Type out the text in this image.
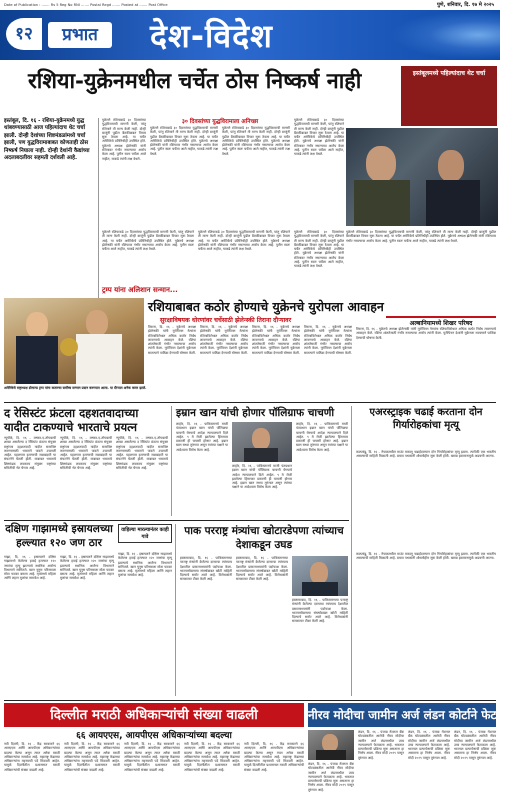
Date of Publication : ....... Rs 5 Reg No RNI ....... Postal Regd ....... Posted at ....... Post Office	पुणे, शनिवार, दि. १७ मे २०२५
१२	प्रभात	देश-विदेश
रशिया-युक्रेनमधील चर्चेत ठोस निष्कर्ष नाही	इस्तंबूलमध्ये पहिल्यांदाच थेट चर्चा
इस्तंबूल, दि. १६ - रशिया-युक्रेनमध्ये युद्ध थांबवण्यासाठी आज पहिल्यांदाच थेट चर्चा झाली. दोन्ही देशांच्या शिष्टमंडळांमध्ये चर्चा झाली, पण युद्धविरामाबाबत कोणताही ठोस निष्कर्ष निघाला नाही. दोन्ही देशांनी कैद्यांच्या अदलाबदलीवर सहमती दर्शवली आहे.
युक्रेनने रशियाकडे ३० दिवसांच्या युद्धविरामाची मागणी केली, परंतु रशियाने ती मान्य केली नाही. दोन्ही बाजूंनी पुढील बैठकीबाबत विचार सुरू ठेवला आहे. या चर्चेत अमेरिकेचे प्रतिनिधीही उपस्थित होते. युक्रेनचे अध्यक्ष झेलेन्स्की यांनी रशियावर गंभीर नसल्याचा आरोप केला आहे. पुतीन स्वतः चर्चेला आले नाहीत, याकडे त्यांनी लक्ष वेधले.
३० दिवसांच्या युद्धविरामाला अनिच्छा
युक्रेनने रशियाकडे ३० दिवसांच्या युद्धविरामाची मागणी केली, परंतु रशियाने ती मान्य केली नाही. दोन्ही बाजूंनी पुढील बैठकीबाबत विचार सुरू ठेवला आहे. या चर्चेत अमेरिकेचे प्रतिनिधीही उपस्थित होते. युक्रेनचे अध्यक्ष झेलेन्स्की यांनी रशियावर गंभीर नसल्याचा आरोप केला आहे. पुतीन स्वतः चर्चेला आले नाहीत, याकडे त्यांनी लक्ष वेधले.
युक्रेनने रशियाकडे ३० दिवसांच्या युद्धविरामाची मागणी केली, परंतु रशियाने ती मान्य केली नाही. दोन्ही बाजूंनी पुढील बैठकीबाबत विचार सुरू ठेवला आहे. या चर्चेत अमेरिकेचे प्रतिनिधीही उपस्थित होते. युक्रेनचे अध्यक्ष झेलेन्स्की यांनी रशियावर गंभीर नसल्याचा आरोप केला आहे. पुतीन स्वतः चर्चेला आले नाहीत, याकडे त्यांनी लक्ष वेधले.
युक्रेनने रशियाकडे ३० दिवसांच्या युद्धविरामाची मागणी केली, परंतु रशियाने ती मान्य केली नाही. दोन्ही बाजूंनी पुढील बैठकीबाबत विचार सुरू ठेवला आहे. या चर्चेत अमेरिकेचे प्रतिनिधीही उपस्थित होते. युक्रेनचे अध्यक्ष झेलेन्स्की यांनी रशियावर गंभीर नसल्याचा आरोप केला आहे. पुतीन स्वतः चर्चेला आले नाहीत, याकडे त्यांनी लक्ष वेधले.
युक्रेनने रशियाकडे ३० दिवसांच्या युद्धविरामाची मागणी केली, परंतु रशियाने ती मान्य केली नाही. दोन्ही बाजूंनी पुढील बैठकीबाबत विचार सुरू ठेवला आहे. या चर्चेत अमेरिकेचे प्रतिनिधीही उपस्थित होते. युक्रेनचे अध्यक्ष झेलेन्स्की यांनी रशियावर गंभीर नसल्याचा आरोप केला आहे. पुतीन स्वतः चर्चेला आले नाहीत, याकडे त्यांनी लक्ष वेधले.
युक्रेनने रशियाकडे ३० दिवसांच्या युद्धविरामाची मागणी केली, परंतु रशियाने ती मान्य केली नाही. दोन्ही बाजूंनी पुढील बैठकीबाबत विचार सुरू ठेवला आहे. या चर्चेत अमेरिकेचे प्रतिनिधीही उपस्थित होते. युक्रेनचे अध्यक्ष झेलेन्स्की यांनी रशियावर गंभीर नसल्याचा आरोप केला आहे. पुतीन स्वतः चर्चेला आले नाहीत, याकडे त्यांनी लक्ष वेधले.
युक्रेनने रशियाकडे ३० दिवसांच्या युद्धविरामाची मागणी केली, परंतु रशियाने ती मान्य केली नाही. दोन्ही बाजूंनी पुढील बैठकीबाबत विचार सुरू ठेवला आहे. या चर्चेत अमेरिकेचे प्रतिनिधीही उपस्थित होते. युक्रेनचे अध्यक्ष झेलेन्स्की यांनी रशियावर गंभीर नसल्याचा आरोप केला आहे. पुतीन स्वतः चर्चेला आले नाहीत, याकडे त्यांनी लक्ष वेधले.
युक्रेनने रशियाकडे ३० दिवसांच्या युद्धविरामाची मागणी केली, परंतु रशियाने ती मान्य केली नाही. दोन्ही बाजूंनी पुढील बैठकीबाबत विचार सुरू ठेवला आहे. या चर्चेत अमेरिकेचे प्रतिनिधीही उपस्थित होते. युक्रेनचे अध्यक्ष झेलेन्स्की यांनी रशियावर गंभीर नसल्याचा आरोप केला आहे. पुतीन स्वतः चर्चेला आले नाहीत, याकडे त्यांनी लक्ष वेधले.
ट्रम्प यांना अलिशान सन्मान...
अमेरिकेचे राष्ट्राध्यक्ष डोनाल्ड ट्रम्प यांना कतारचा सर्वोच्च सन्मान प्रदान करण्यात आला. या दौऱ्यात अनेक करार झाले.
रशियाबाबत कठोर होण्याचे युक्रेनचे युरोपला आवाहन
सुरक्षाविषयक धोरणांवर चर्चेसाठी झेलेन्स्की तिराना दौऱ्यावर	अल्बानियामध्ये शिखर परिषद
तिराना, दि. १६ - युक्रेनचे अध्यक्ष झेलेन्स्की यांनी युरोपियन नेत्यांना रशियाविरोधात अधिक कठोर निर्बंध लावण्याचे आवाहन केले. रशिया शांततेसाठी गंभीर नसल्याचा आरोप त्यांनी केला. युरोपियन देशांनी युक्रेनला सातत्याने पाठिंबा देण्याची घोषणा केली.
तिराना, दि. १६ - युक्रेनचे अध्यक्ष झेलेन्स्की यांनी युरोपियन नेत्यांना रशियाविरोधात अधिक कठोर निर्बंध लावण्याचे आवाहन केले. रशिया शांततेसाठी गंभीर नसल्याचा आरोप त्यांनी केला. युरोपियन देशांनी युक्रेनला सातत्याने पाठिंबा देण्याची घोषणा केली.
तिराना, दि. १६ - युक्रेनचे अध्यक्ष झेलेन्स्की यांनी युरोपियन नेत्यांना रशियाविरोधात अधिक कठोर निर्बंध लावण्याचे आवाहन केले. रशिया शांततेसाठी गंभीर नसल्याचा आरोप त्यांनी केला. युरोपियन देशांनी युक्रेनला सातत्याने पाठिंबा देण्याची घोषणा केली.
तिराना, दि. १६ - युक्रेनचे अध्यक्ष झेलेन्स्की यांनी युरोपियन नेत्यांना रशियाविरोधात अधिक कठोर निर्बंध लावण्याचे आवाहन केले. रशिया शांततेसाठी गंभीर नसल्याचा आरोप त्यांनी केला. युरोपियन देशांनी युक्रेनला सातत्याने पाठिंबा देण्याची घोषणा केली.
तिराना, दि. १६ - युक्रेनचे अध्यक्ष झेलेन्स्की यांनी युरोपियन नेत्यांना रशियाविरोधात अधिक कठोर निर्बंध लावण्याचे आवाहन केले. रशिया शांततेसाठी गंभीर नसल्याचा आरोप त्यांनी केला. युरोपियन देशांनी युक्रेनला सातत्याने पाठिंबा देण्याची घोषणा केली.
द रेसिस्टंट फ्रंटला दहशतवादाच्या यादीत टाकण्याचे भारताचे प्रयत्न
न्यूयॉर्क, दि. १६ - लष्कर-ए-तोयबाची शाखा असलेल्या द रेसिस्टंट फ्रंटला संयुक्त राष्ट्रांच्या दहशतवादी यादीत समाविष्ट करण्यासाठी भारताने पावले उचलली आहेत. पहलगाम हल्ल्याची जबाबदारी या संघटनेने घेतली होती. याबाबत भारताचे शिष्टमंडळ लवकरच संयुक्त राष्ट्रांच्या समितीची भेट घेणार आहे.
न्यूयॉर्क, दि. १६ - लष्कर-ए-तोयबाची शाखा असलेल्या द रेसिस्टंट फ्रंटला संयुक्त राष्ट्रांच्या दहशतवादी यादीत समाविष्ट करण्यासाठी भारताने पावले उचलली आहेत. पहलगाम हल्ल्याची जबाबदारी या संघटनेने घेतली होती. याबाबत भारताचे शिष्टमंडळ लवकरच संयुक्त राष्ट्रांच्या समितीची भेट घेणार आहे.
न्यूयॉर्क, दि. १६ - लष्कर-ए-तोयबाची शाखा असलेल्या द रेसिस्टंट फ्रंटला संयुक्त राष्ट्रांच्या दहशतवादी यादीत समाविष्ट करण्यासाठी भारताने पावले उचलली आहेत. पहलगाम हल्ल्याची जबाबदारी या संघटनेने घेतली होती. याबाबत भारताचे शिष्टमंडळ लवकरच संयुक्त राष्ट्रांच्या समितीची भेट घेणार आहे.
इम्रान खान यांची होणार पॉलिग्राफ चाचणी
लाहोर, दि. १६ - पाकिस्तानचे माजी पंतप्रधान इम्रान खान यांची पॉलिग्राफ चाचणी घेण्याचे आदेश न्यायालयाने दिले आहेत. ९ मे रोजी झालेल्या हिंसाचार प्रकरणी ही चाचणी होणार आहे. इम्रान खान सध्या तुरुंगात असून त्यांच्या पक्षाने या आदेशाला विरोध केला आहे.
लाहोर, दि. १६ - पाकिस्तानचे माजी पंतप्रधान इम्रान खान यांची पॉलिग्राफ चाचणी घेण्याचे आदेश न्यायालयाने दिले आहेत. ९ मे रोजी झालेल्या हिंसाचार प्रकरणी ही चाचणी होणार आहे. इम्रान खान सध्या तुरुंगात असून त्यांच्या पक्षाने या आदेशाला विरोध केला आहे.
लाहोर, दि. १६ - पाकिस्तानचे माजी पंतप्रधान इम्रान खान यांची पॉलिग्राफ चाचणी घेण्याचे आदेश न्यायालयाने दिले आहेत. ९ मे रोजी झालेल्या हिंसाचार प्रकरणी ही चाचणी होणार आहे. इम्रान खान सध्या तुरुंगात असून त्यांच्या पक्षाने या आदेशाला विरोध केला आहे.
एअरस्ट्राइक चढाई करताना दोन गिर्यारोहकांचा मृत्यू
काठमांडू, दि. १६ - नेपाळमधील माउंट मकालू चढाईदरम्यान दोन गिर्यारोहकांचा मृत्यू झाला. त्यापैकी एक भारतीय असल्याची माहिती मिळाली आहे. बचाव पथकांनी शोधमोहीम सुरू केली होती. खराब हवामानामुळे अडचणी आल्या.
काठमांडू, दि. १६ - नेपाळमधील माउंट मकालू चढाईदरम्यान दोन गिर्यारोहकांचा मृत्यू झाला. त्यापैकी एक भारतीय असल्याची माहिती मिळाली आहे. बचाव पथकांनी शोधमोहीम सुरू केली होती. खराब हवामानामुळे अडचणी आल्या.
दक्षिण गाझामध्ये इस्रायलच्या हल्ल्यात १२० जण ठार
गाझा, दि. १६ - इस्रायलने दक्षिण गाझामध्ये केलेल्या हवाई हल्ल्यात १२० जणांचा मृत्यू झाल्याचे स्थानिक आरोग्य विभागाने सांगितले. खान युनुस परिसराला मोठा फटका बसला आहे. मृतांमध्ये महिला आणि लहान मुलांचा समावेश आहे.
गाझा, दि. १६ - इस्रायलने दक्षिण गाझामध्ये केलेल्या हवाई हल्ल्यात १२० जणांचा मृत्यू झाल्याचे स्थानिक आरोग्य विभागाने सांगितले. खान युनुस परिसराला मोठा फटका बसला आहे. मृतांमध्ये महिला आणि लहान मुलांचा समावेश आहे.
वाहिल्या मारल्यानंतर काही गावे
गाझा, दि. १६ - इस्रायलने दक्षिण गाझामध्ये केलेल्या हवाई हल्ल्यात १२० जणांचा मृत्यू झाल्याचे स्थानिक आरोग्य विभागाने सांगितले. खान युनुस परिसराला मोठा फटका बसला आहे. मृतांमध्ये महिला आणि लहान मुलांचा समावेश आहे.
पाक परराष्ट्र मंत्र्यांचा खोटारडेपणा त्यांच्याच देशाकडून उघड
इस्लामाबाद, दि. १६ - पाकिस्तानच्या परराष्ट्र मंत्र्यांनी केलेल्या दाव्याचा त्यांच्याच देशातील प्रसारमाध्यमांनी पर्दाफाश केला. भारतासोबतच्या संघर्षाबाबत खोटी माहिती दिल्याचे समोर आले आहे. विरोधकांनी सरकारवर टीका केली आहे.
इस्लामाबाद, दि. १६ - पाकिस्तानच्या परराष्ट्र मंत्र्यांनी केलेल्या दाव्याचा त्यांच्याच देशातील प्रसारमाध्यमांनी पर्दाफाश केला. भारतासोबतच्या संघर्षाबाबत खोटी माहिती दिल्याचे समोर आले आहे. विरोधकांनी सरकारवर टीका केली आहे.
इस्लामाबाद, दि. १६ - पाकिस्तानच्या परराष्ट्र मंत्र्यांनी केलेल्या दाव्याचा त्यांच्याच देशातील प्रसारमाध्यमांनी पर्दाफाश केला. भारतासोबतच्या संघर्षाबाबत खोटी माहिती दिल्याचे समोर आले आहे. विरोधकांनी सरकारवर टीका केली आहे.
दिल्लीत मराठी अधिकाऱ्यांची संख्या वाढली
६६ आयएएस, आयपीएस अधिकाऱ्यांच्या बदल्या
नवी दिल्ली, दि. १६ - केंद्र सरकारने ६६ आयएएस आणि आयपीएस अधिकाऱ्यांच्या बदल्या केल्या असून त्यात अनेक मराठी अधिकाऱ्यांचा समावेश आहे. महाराष्ट्र केडरच्या अधिकाऱ्यांना महत्त्वाची पदे मिळाली आहेत. यामुळे दिल्लीतील प्रशासनात मराठी अधिकाऱ्यांची संख्या वाढली आहे.
नवी दिल्ली, दि. १६ - केंद्र सरकारने ६६ आयएएस आणि आयपीएस अधिकाऱ्यांच्या बदल्या केल्या असून त्यात अनेक मराठी अधिकाऱ्यांचा समावेश आहे. महाराष्ट्र केडरच्या अधिकाऱ्यांना महत्त्वाची पदे मिळाली आहेत. यामुळे दिल्लीतील प्रशासनात मराठी अधिकाऱ्यांची संख्या वाढली आहे.
नवी दिल्ली, दि. १६ - केंद्र सरकारने ६६ आयएएस आणि आयपीएस अधिकाऱ्यांच्या बदल्या केल्या असून त्यात अनेक मराठी अधिकाऱ्यांचा समावेश आहे. महाराष्ट्र केडरच्या अधिकाऱ्यांना महत्त्वाची पदे मिळाली आहेत. यामुळे दिल्लीतील प्रशासनात मराठी अधिकाऱ्यांची संख्या वाढली आहे.
नवी दिल्ली, दि. १६ - केंद्र सरकारने ६६ आयएएस आणि आयपीएस अधिकाऱ्यांच्या बदल्या केल्या असून त्यात अनेक मराठी अधिकाऱ्यांचा समावेश आहे. महाराष्ट्र केडरच्या अधिकाऱ्यांना महत्त्वाची पदे मिळाली आहेत. यामुळे दिल्लीतील प्रशासनात मराठी अधिकाऱ्यांची संख्या वाढली आहे.
नवी दिल्ली, दि. १६ - केंद्र सरकारने ६६ आयएएस आणि आयपीएस अधिकाऱ्यांच्या बदल्या केल्या असून त्यात अनेक मराठी अधिकाऱ्यांचा समावेश आहे. महाराष्ट्र केडरच्या अधिकाऱ्यांना महत्त्वाची पदे मिळाली आहेत. यामुळे दिल्लीतील प्रशासनात मराठी अधिकाऱ्यांची संख्या वाढली आहे.
नीरव मोदीचा जामीन अर्ज लंडन कोर्टाने फेटाळला
लंडन, दि. १६ - पंजाब नॅशनल बँक घोटाळ्यातील आरोपी नीरव मोदीचा जामीन अर्ज लंडनमधील उच्च न्यायालयाने फेटाळला आहे. भारतात प्रत्यार्पणाची प्रक्रिया सुरू असताना हा निर्णय आला. नीरव मोदी २०१९ पासून तुरुंगात आहे.
लंडन, दि. १६ - पंजाब नॅशनल बँक घोटाळ्यातील आरोपी नीरव मोदीचा जामीन अर्ज लंडनमधील उच्च न्यायालयाने फेटाळला आहे. भारतात प्रत्यार्पणाची प्रक्रिया सुरू असताना हा निर्णय आला. नीरव मोदी २०१९ पासून तुरुंगात आहे.
लंडन, दि. १६ - पंजाब नॅशनल बँक घोटाळ्यातील आरोपी नीरव मोदीचा जामीन अर्ज लंडनमधील उच्च न्यायालयाने फेटाळला आहे. भारतात प्रत्यार्पणाची प्रक्रिया सुरू असताना हा निर्णय आला. नीरव मोदी २०१९ पासून तुरुंगात आहे.
लंडन, दि. १६ - पंजाब नॅशनल बँक घोटाळ्यातील आरोपी नीरव मोदीचा जामीन अर्ज लंडनमधील उच्च न्यायालयाने फेटाळला आहे. भारतात प्रत्यार्पणाची प्रक्रिया सुरू असताना हा निर्णय आला. नीरव मोदी २०१९ पासून तुरुंगात आहे.
